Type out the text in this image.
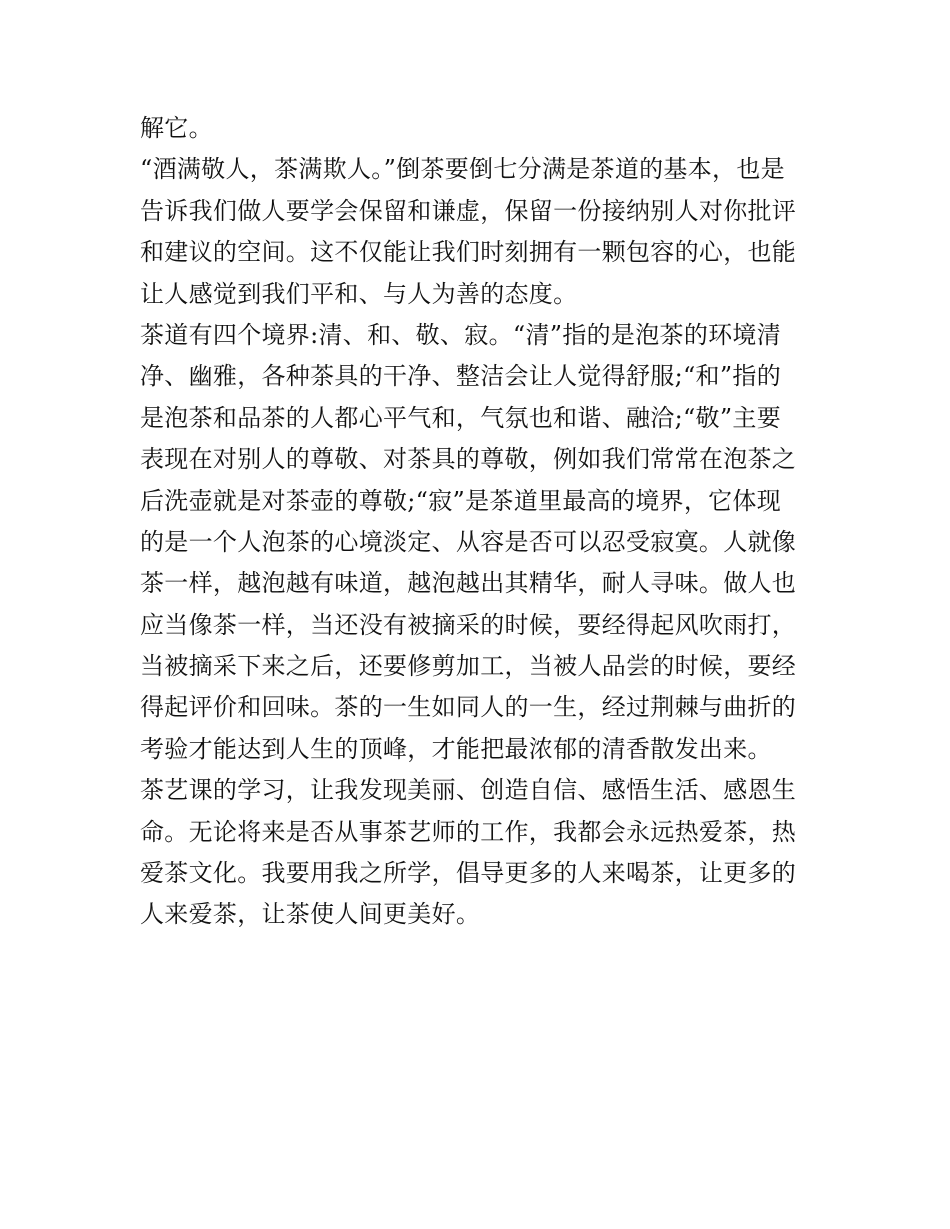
解它。
“酒满敬人，茶满欺人。”倒茶要倒七分满是茶道的基本，也是
告诉我们做人要学会保留和谦虚，保留一份接纳别人对你批评
和建议的空间。这不仅能让我们时刻拥有一颗包容的心，也能
让人感觉到我们平和、与人为善的态度。
茶道有四个境界:清、和、敬、寂。“清”指的是泡茶的环境清
净、幽雅，各种茶具的干净、整洁会让人觉得舒服;“和”指的
是泡茶和品茶的人都心平气和，气氛也和谐、融洽;“敬”主要
表现在对别人的尊敬、对茶具的尊敬，例如我们常常在泡茶之
后洗壶就是对茶壶的尊敬;“寂”是茶道里最高的境界，它体现
的是一个人泡茶的心境淡定、从容是否可以忍受寂寞。人就像
茶一样，越泡越有味道，越泡越出其精华，耐人寻味。做人也
应当像茶一样，当还没有被摘采的时候，要经得起风吹雨打，
当被摘采下来之后，还要修剪加工，当被人品尝的时候，要经
得起评价和回味。茶的一生如同人的一生，经过荆棘与曲折的
考验才能达到人生的顶峰，才能把最浓郁的清香散发出来。
茶艺课的学习，让我发现美丽、创造自信、感悟生活、感恩生
命。无论将来是否从事茶艺师的工作，我都会永远热爱茶，热
爱茶文化。我要用我之所学，倡导更多的人来喝茶，让更多的
人来爱茶，让茶使人间更美好。
